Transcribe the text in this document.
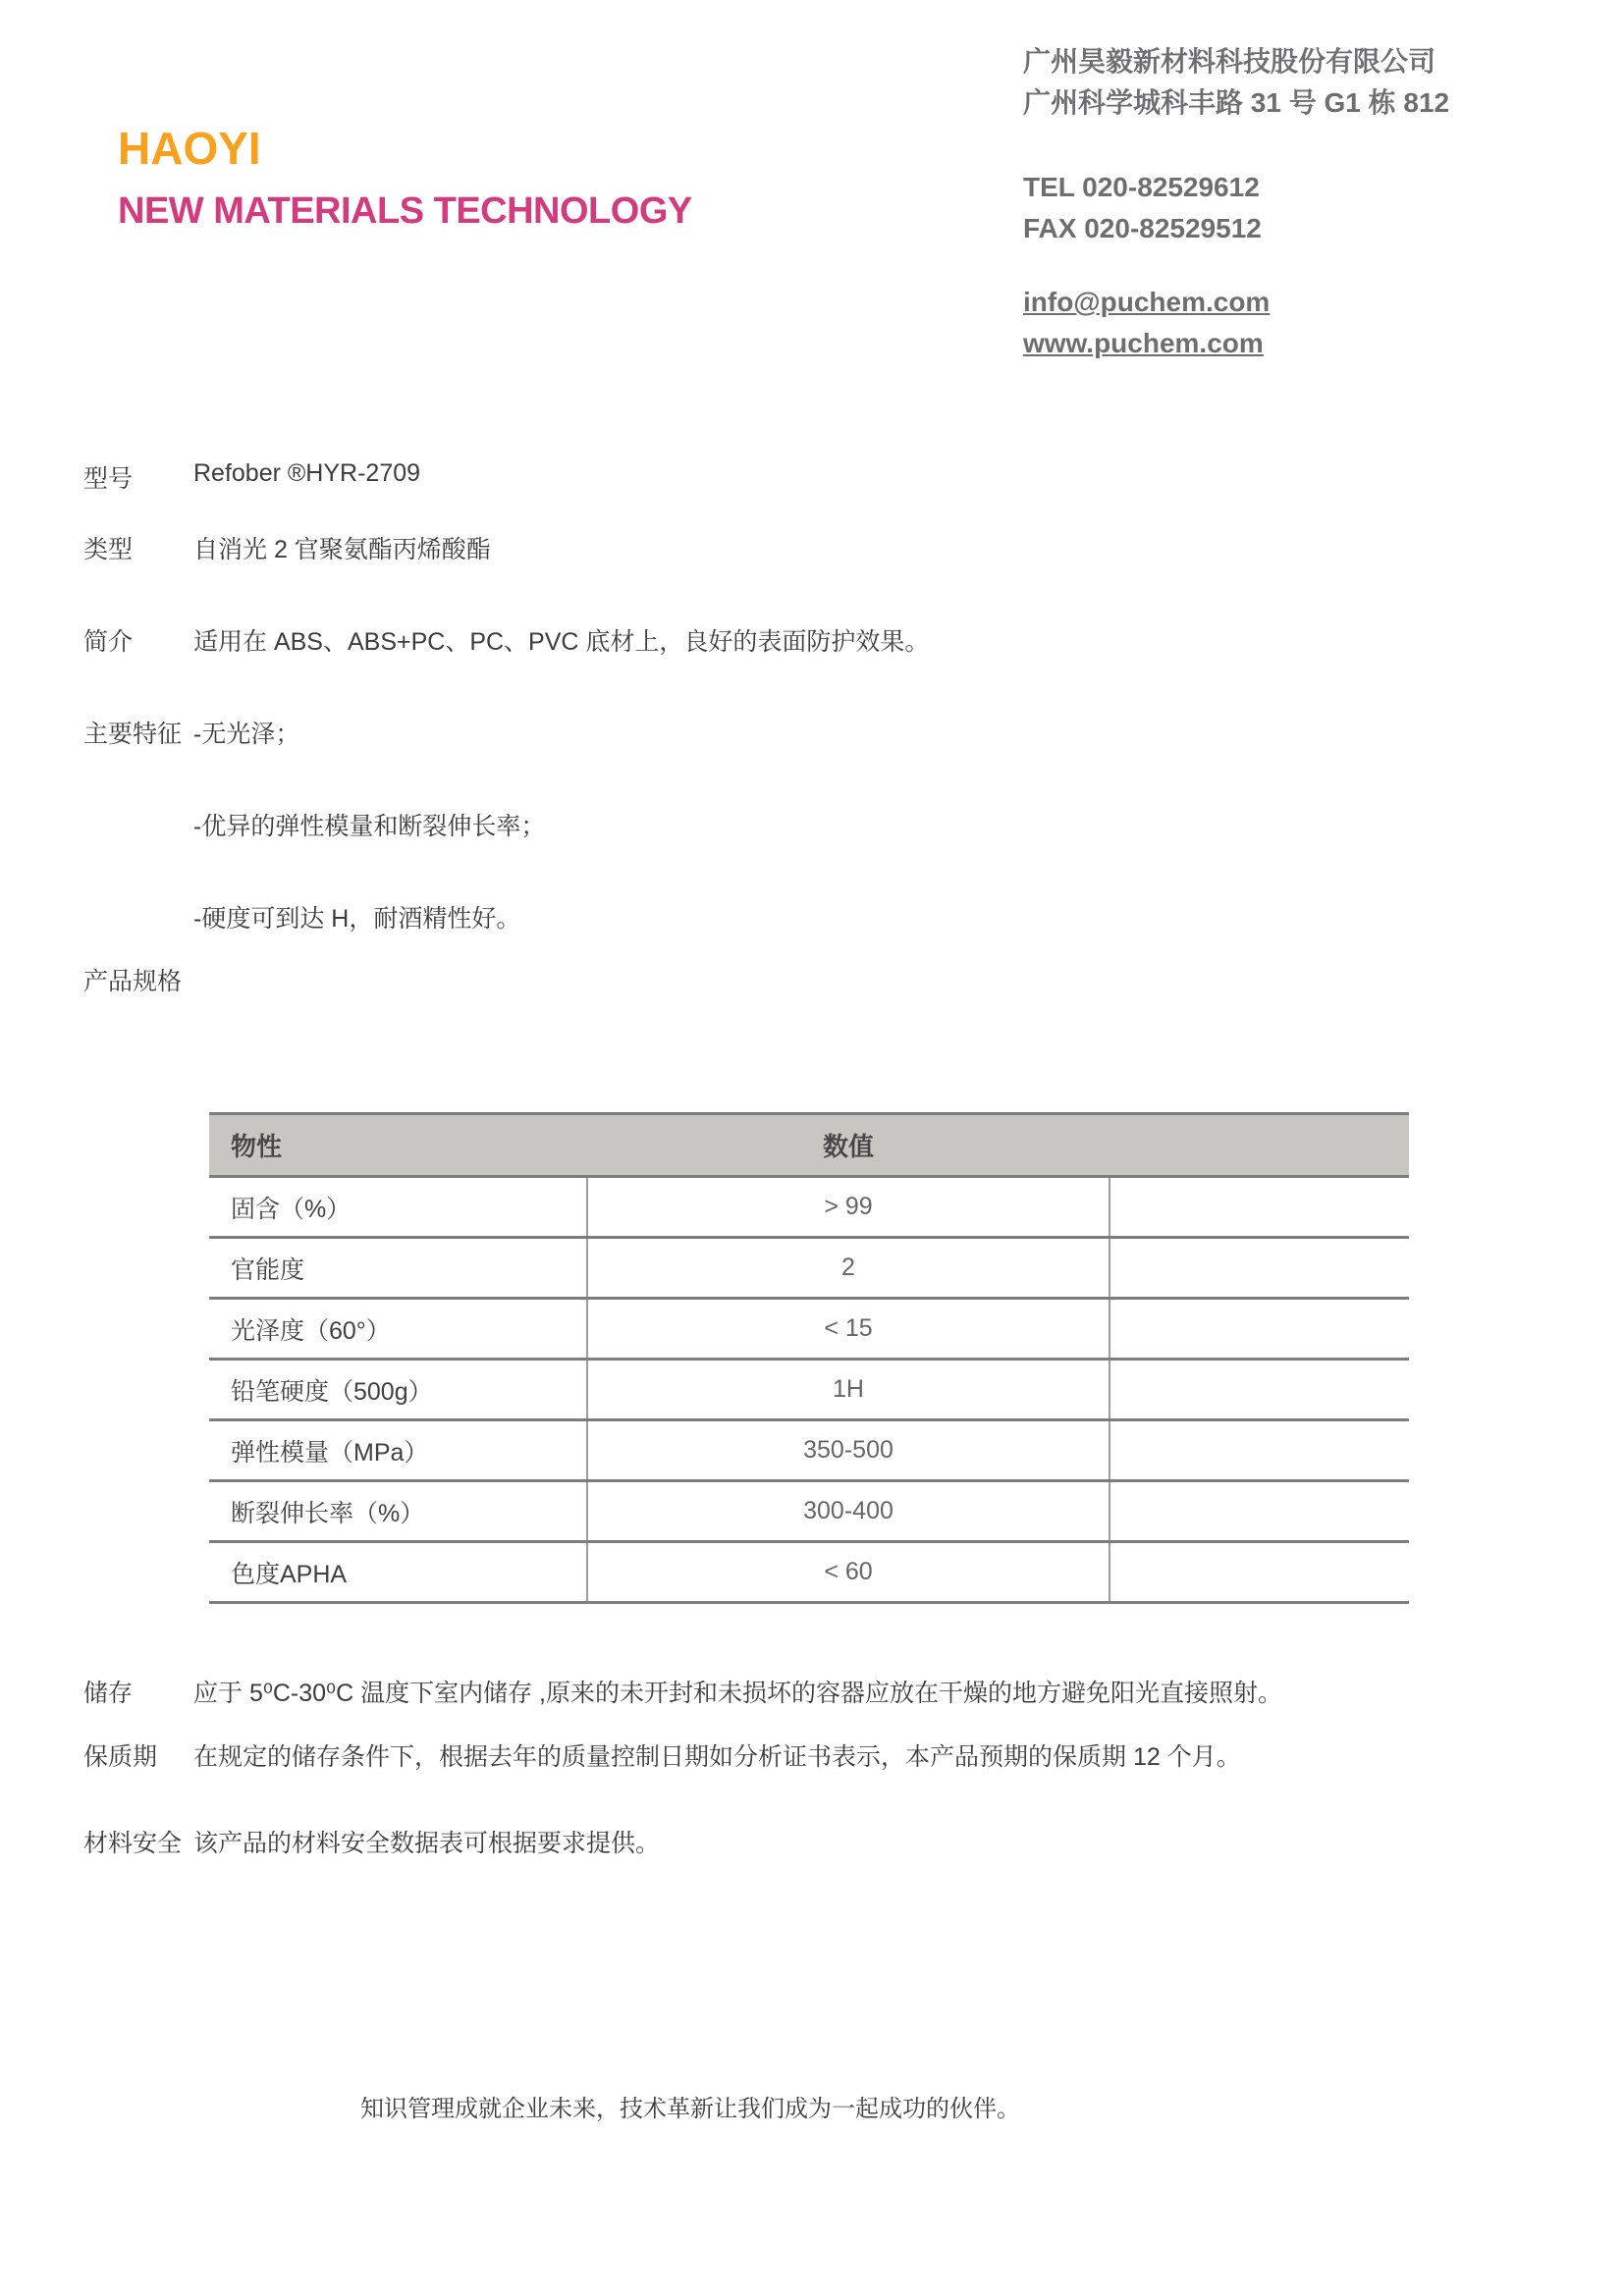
HAOYI
NEW MATERIALS TECHNOLOGY
广州昊毅新材料科技股份有限公司
广州科学城科丰路 31 号 G1 栋 812
TEL 020-82529612
FAX 020-82529512
info@puchem.com
www.puchem.com
型号	Refober ®HYR-2709
类型	自消光 2 官聚氨酯丙烯酸酯
简介	适用在 ABS、ABS+PC、PC、PVC 底材上，良好的表面防护效果。
主要特征 -无光泽；
-优异的弹性模量和断裂伸长率；
-硬度可到达 H，耐酒精性好。
产品规格
物性	数值	
固含（%）	> 99	
官能度	2	
光泽度（60°）	< 15	
铅笔硬度（500g）	1H	
弹性模量（MPa）	350-500	
断裂伸长率（%）	300-400	
色度APHA	< 60	
储存	应于 5⁰C-30⁰C 温度下室内储存 ,原来的未开封和未损坏的容器应放在干燥的地方避免阳光直接照射。
保质期	在规定的储存条件下，根据去年的质量控制日期如分析证书表示，本产品预期的保质期 12 个月。
材料安全 该产品的材料安全数据表可根据要求提供。
知识管理成就企业未来，技术革新让我们成为一起成功的伙伴。
